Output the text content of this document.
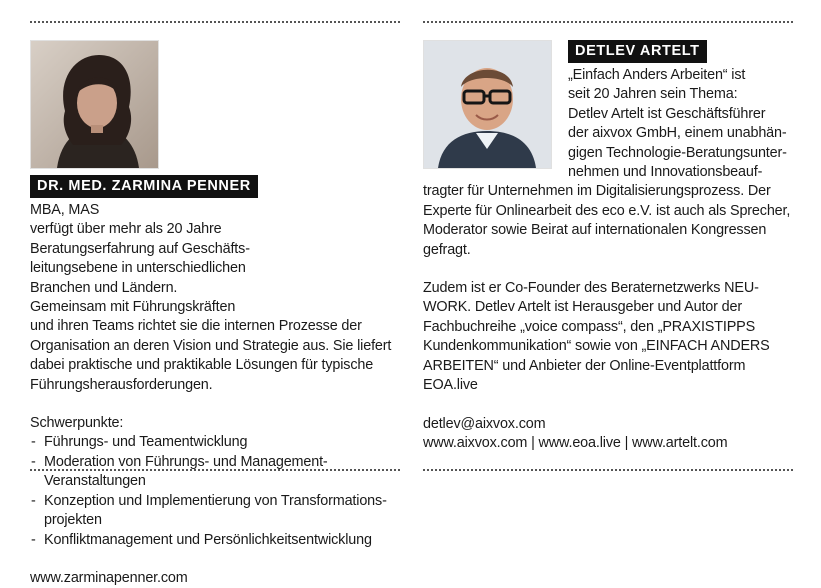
DR. MED. ZARMINA PENNER

MBA, MAS

verfügt über mehr als 20 Jahre

Beratungserfahrung auf Geschäfts-

leitungsebene in unterschiedlichen

Branchen und Ländern.

Gemeinsam mit Führungskräften

und ihren Teams richtet sie die internen Prozesse der Organisation an deren Vision und Strategie aus. Sie liefert dabei praktische und praktikable Lösungen für typische Führungsherausforderungen.

Schwerpunkte:

- Führungs- und Teamentwicklung
- Moderation von Führungs- und Management-Veranstaltungen
- Konzeption und Implementierung von Transformations-projekten
- Konfliktmanagement und Persönlichkeitsentwicklung
www.zarminapenner.com
DETLEV ARTELT

„Einfach Anders Arbeiten“ ist

seit 20 Jahren sein Thema:

Detlev Artelt ist Geschäftsführer

der aixvox GmbH, einem unabhän-

gigen Technologie-Beratungsunter-

nehmen und Innovationsbeauf-

tragter für Unternehmen im Digitalisierungsprozess. Der Experte für Onlinearbeit des eco e.V. ist auch als Sprecher, Moderator sowie Beirat auf internationalen Kongressen gefragt.

Zudem ist er Co-Founder des Beraternetzwerks NEU-WORK. Detlev Artelt ist Herausgeber und Autor der Fachbuchreihe „voice compass“, den „PRAXISTIPPS Kundenkommunikation“ sowie von „EINFACH ANDERS ARBEITEN“ und Anbieter der Online-Eventplattform EOA.live

detlev@aixvox.com

www.aixvox.com | www.eoa.live | www.artelt.com
